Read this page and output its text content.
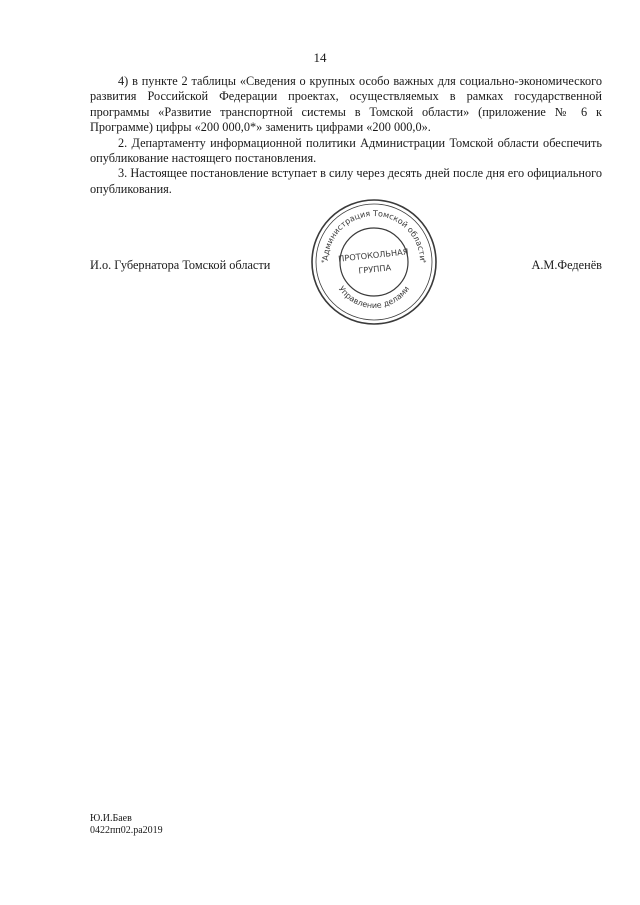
14

4) в пункте 2 таблицы «Сведения о крупных особо важных для социально-экономического развития Российской Федерации проектах, осуществляемых в рамках государственной программы «Развитие транспортной системы в Томской области» (приложение № 6 к Программе) цифры «200 000,0*» заменить цифрами «200 000,0».

2. Департаменту информационной политики Администрации Томской области обеспечить опубликование настоящего постановления.

3. Настоящее постановление вступает в силу через десять дней после дня его официального опубликования.

И.о. Губернатора Томской области	А.М.Феденёв
Администрация Томской области
Управление делами
*	*
ПРОТОКОЛЬНАЯ
ГРУППА
Ю.И.Баев
0422пп02.ра2019
